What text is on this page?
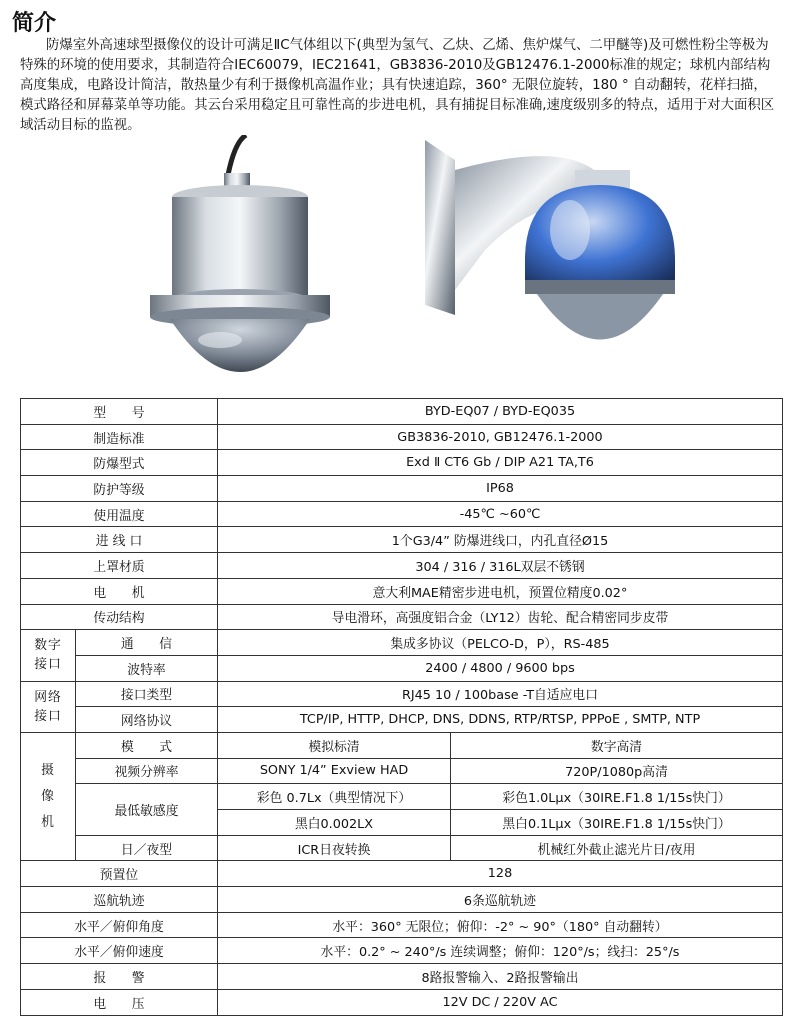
简介
防爆室外高速球型摄像仪的设计可满足ⅡC气体组以下(典型为氢气、乙炔、乙烯、焦炉煤气、二甲醚等)及可燃性粉尘等极为特殊的环境的使用要求，其制造符合IEC60079，IEC21641，GB3836-2010及GB12476.1-2000标准的规定；球机内部结构高度集成，电路设计简洁，散热量少有利于摄像机高温作业；具有快速追踪，360° 无限位旋转，180 ° 自动翻转，花样扫描，模式路径和屏幕菜单等功能。其云台采用稳定且可靠性高的步进电机，具有捕捉目标准确,速度级别多的特点，适用于对大面积区域活动目标的监视。
型　　号		BYD-EQ07 / BYD-EQ035	
制造标准		GB3836-2010, GB12476.1-2000	
防爆型式		Exd Ⅱ CT6 Gb / DIP A21 TA,T6	
防护等级		IP68	
使用温度		-45℃ ~60℃	
进 线 口		1个G3/4” 防爆进线口，内孔直径Ø15	
上罩材质		304 / 316 / 316L双层不锈钢	
电　　机		意大利MAE精密步进电机，预置位精度0.02°	
传动结构		导电滑环，高强度铝合金（LY12）齿轮、配合精密同步皮带	
数字
接口	通　　信	集成多协议（PELCO-D，P），RS-485	
	波特率	2400 / 4800 / 9600 bps	
网络
接口	接口类型	RJ45 10 / 100base -T自适应电口	
	网络协议	TCP/IP, HTTP, DHCP, DNS, DDNS, RTP/RTSP, PPPoE , SMTP, NTP	
摄
像
机	模　　式	模拟标清	数字高清
	视频分辨率	SONY 1/4” Exview HAD	720P/1080p高清
	最低敏感度	彩色 0.7Lx（典型情况下）	彩色1.0Lμx（30IRE.F1.8 1/15s快门）
		黑白0.002LX	黑白0.1Lμx（30IRE.F1.8 1/15s快门）
	日／夜型	ICR日夜转换	机械红外截止滤光片日/夜用
预置位		128	
巡航轨迹		6条巡航轨迹	
水平／俯仰角度		水平：360° 无限位；俯仰：-2° ~ 90°（180° 自动翻转）	
水平／俯仰速度		水平：0.2° ~ 240°/s 连续调整；俯仰：120°/s；线扫：25°/s	
报　　警		8路报警输入、2路报警输出	
电　　压		12V DC / 220V AC	
